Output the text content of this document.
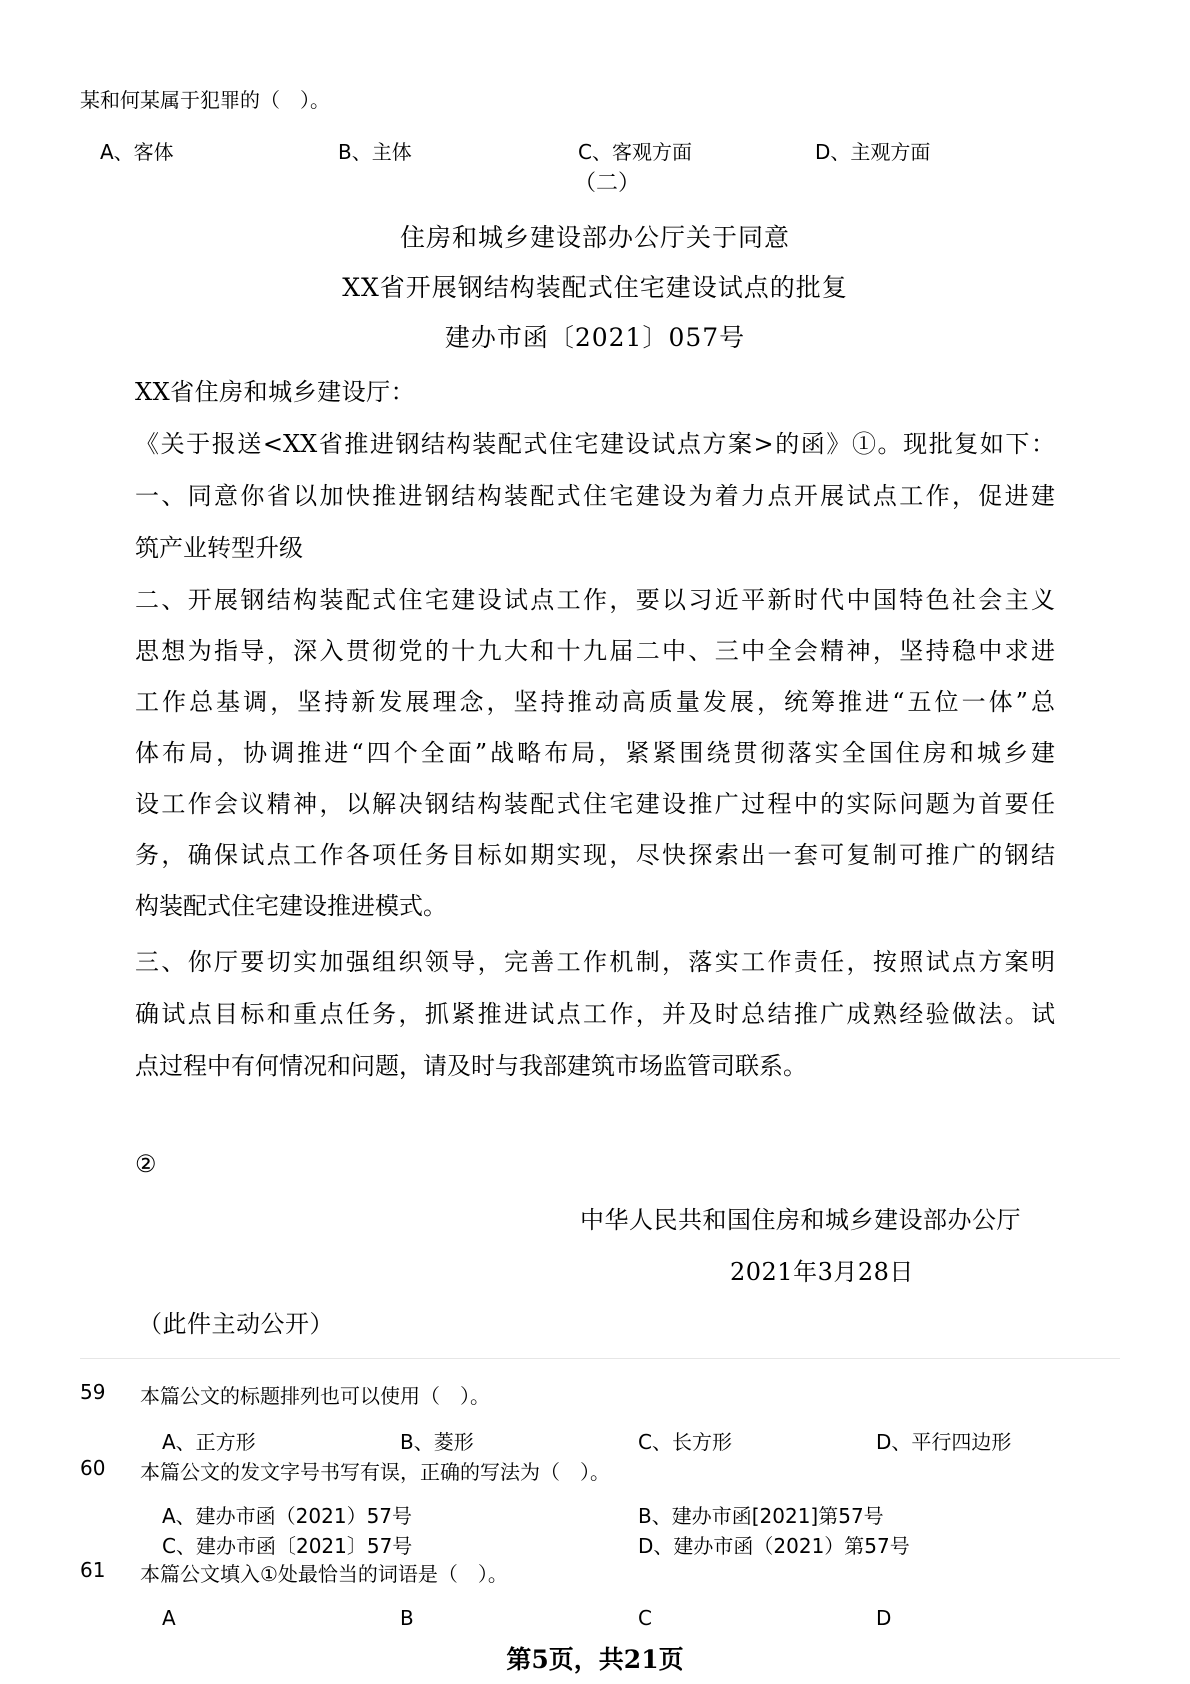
某和何某属于犯罪的（　）。
A、客体	B、主体	C、客观方面	D、主观方面
（二）
住房和城乡建设部办公厅关于同意
XX省开展钢结构装配式住宅建设试点的批复
建办市函〔2021〕057号
XX省住房和城乡建设厅：
《关于报送<XX省推进钢结构装配式住宅建设试点方案>的函》①。现批复如下：
一、同意你省以加快推进钢结构装配式住宅建设为着力点开展试点工作，促进建
筑产业转型升级
二、开展钢结构装配式住宅建设试点工作，要以习近平新时代中国特色社会主义
思想为指导，深入贯彻党的十九大和十九届二中、三中全会精神，坚持稳中求进
工作总基调，坚持新发展理念，坚持推动高质量发展，统筹推进“五位一体”总
体布局，协调推进“四个全面”战略布局，紧紧围绕贯彻落实全国住房和城乡建
设工作会议精神，以解决钢结构装配式住宅建设推广过程中的实际问题为首要任
务，确保试点工作各项任务目标如期实现，尽快探索出一套可复制可推广的钢结
构装配式住宅建设推进模式。
三、你厅要切实加强组织领导，完善工作机制，落实工作责任，按照试点方案明
确试点目标和重点任务，抓紧推进试点工作，并及时总结推广成熟经验做法。试
点过程中有何情况和问题，请及时与我部建筑市场监管司联系。
②
中华人民共和国住房和城乡建设部办公厅
2021年3月28日
（此件主动公开）
59 本篇公文的标题排列也可以使用（　）。
A、正方形	B、菱形	C、长方形	D、平行四边形
60 本篇公文的发文字号书写有误，正确的写法为（　）。
A、建办市函（2021）57号	B、建办市函[2021]第57号
C、建办市函〔2021〕57号	D、建办市函（2021）第57号
61 本篇公文填入①处最恰当的词语是（　）。
A	B	C	D
第5页，共21页
